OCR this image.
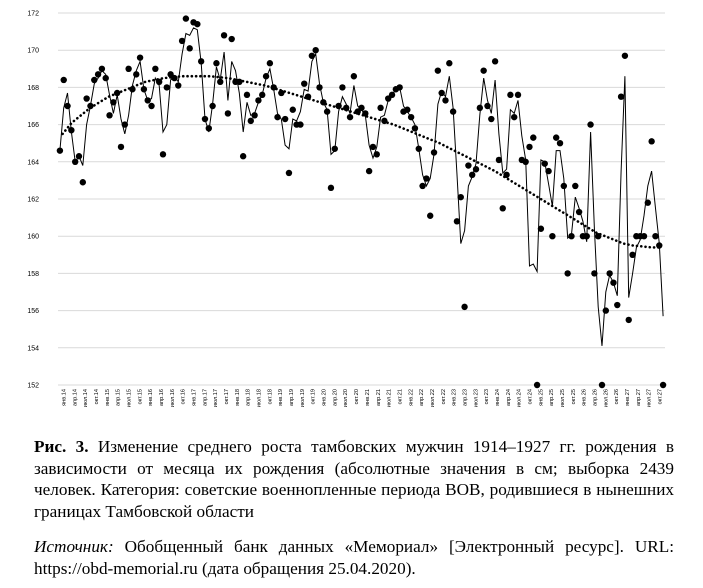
152
154
156
158
160
162
164
166
168
170
172
янв.14 апр.14 июл.14 окт.14 янв.15 апр.15 июл.15 окт.15 янв.16 апр.16 июл.16 окт.16 янв.17 апр.17 июл.17 окт.17 янв.18 апр.18 июл.18 окт.18 янв.19 апр.19 июл.19 окт.19 янв.20 апр.20 июл.20 окт.20 янв.21 апр.21 июл.21 окт.21 янв.22 апр.22 июл.22 окт.22 янв.23 апр.23 июл.23 окт.23 янв.24 апр.24 июл.24 окт.24 янв.25 апр.25 июл.25 окт.25 янв.26 апр.26 июл.26 окт.26 янв.27 апр.27 июл.27 окт.27

Рис. 3. Изменение среднего роста тамбовских мужчин 1914–1927 гг. рождения в зависимости от месяца их рождения (абсолютные значения в см; выборка 2439 человек. Категория: советские военнопленные периода ВОВ, родившиеся в нынешних границах Тамбовской области

Источник: Обобщенный банк данных «Мемориал» [Электронный ресурс]. URL: https://obd-memorial.ru (дата обращения 25.04.2020).
